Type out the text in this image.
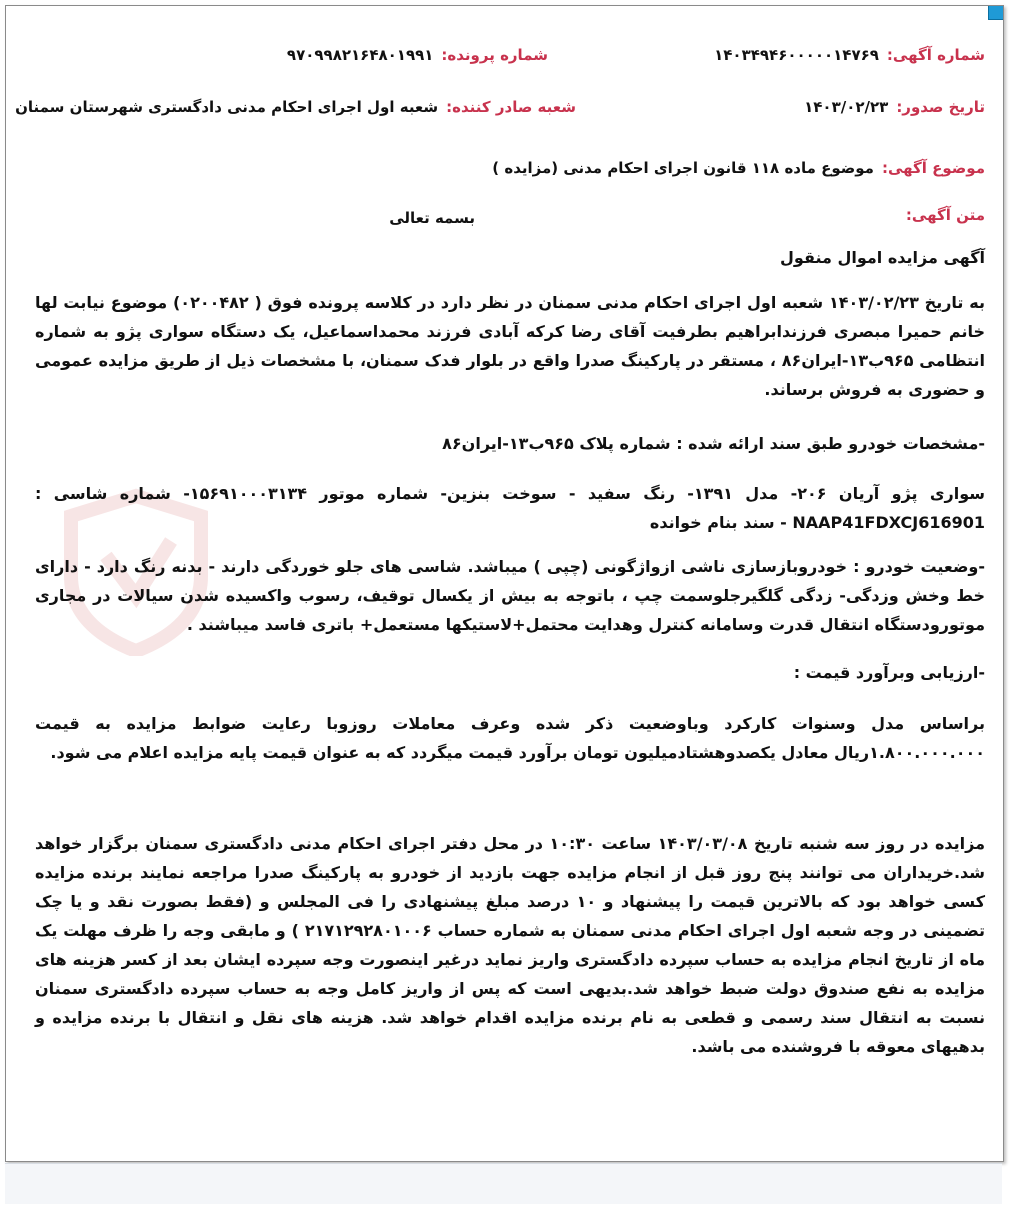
شماره آگهی:۱۴۰۳۴۹۴۶۰۰۰۰۰۱۴۷۶۹
شماره پرونده:۹۷۰۹۹۸۲۱۶۴۸۰۱۹۹۱
تاریخ صدور:۱۴۰۳/۰۲/۲۳
شعبه صادر کننده:شعبه اول اجرای احکام مدنی دادگستری شهرستان سمنان
موضوع آگهی:موضوع ماده ۱۱۸ قانون اجرای احکام مدنی (مزایده )
متن آگهی:
بسمه تعالی
آگهی مزایده اموال منقول
به تاریخ ۱۴۰۳/۰۲/۲۳ شعبه اول اجرای احکام مدنی سمنان در نظر دارد در کلاسه پرونده فوق ( ۰۲۰۰۴۸۲) موضوع نیابت لها خانم حمیرا مبصری فرزندابراهیم بطرفیت آقای رضا کرکه آبادی فرزند محمداسماعیل، یک دستگاه سواری پژو به شماره انتظامی ۹۶۵ب۱۳-ایران۸۶ ، مستقر در پارکینگ صدرا واقع در بلوار فدک سمنان، با مشخصات ذیل از طریق مزایده عمومی و حضوری به فروش برساند.
-مشخصات خودرو طبق سند ارائه شده : شماره پلاک ۹۶۵ب۱۳-ایران۸۶
سواری پژو آریان ۲۰۶- مدل ۱۳۹۱- رنگ سفید - سوخت بنزین- شماره موتور ۱۵۶۹۱۰۰۰۳۱۳۴- شماره شاسی : NAAP41FDXCJ616901 - سند بنام خوانده
-وضعیت خودرو : خودروبازسازی ناشی ازواژگونی (چپی ) میباشد. شاسی های جلو خوردگی دارند - بدنه رنگ دارد - دارای خط وخش وزدگی- زدگی گلگیرجلوسمت چپ ، باتوجه به بیش از یکسال توقیف، رسوب واکسیده شدن سیالات در مجاری موتورودستگاه انتقال قدرت وسامانه کنترل وهدایت محتمل+لاستیکها مستعمل+ باتری فاسد میباشند .
-ارزیابی وبرآورد قیمت :
براساس مدل وسنوات کارکرد وباوضعیت ذکر شده وعرف معاملات روزوبا رعایت ضوابط مزایده به قیمت ۱.۸۰۰.۰۰۰.۰۰۰ریال معادل یکصدوهشتادمیلیون تومان برآورد قیمت میگردد که به عنوان قیمت پایه مزایده اعلام می شود.
مزایده در روز سه شنبه تاریخ ۱۴۰۳/۰۳/۰۸ ساعت ۱۰:۳۰ در محل دفتر اجرای احکام مدنی دادگستری سمنان برگزار خواهد شد.خریداران می توانند پنج روز قبل از انجام مزایده جهت بازدید از خودرو به پارکینگ صدرا مراجعه نمایند برنده مزایده کسی خواهد بود که بالاترین قیمت را پیشنهاد و ۱۰ درصد مبلغ پیشنهادی را فی المجلس و (فقط بصورت نقد و یا چک تضمینی در وجه شعبه اول اجرای احکام مدنی سمنان به شماره حساب ۲۱۷۱۲۹۲۸۰۱۰۰۶ ) و مابقی وجه را ظرف مهلت یک ماه از تاریخ انجام مزایده به حساب سپرده دادگستری واریز نماید درغیر اینصورت وجه سپرده ایشان بعد از کسر هزینه های مزایده به نفع صندوق دولت ضبط خواهد شد.بدیهی است که پس از واریز کامل وجه به حساب سپرده دادگستری سمنان نسبت به انتقال سند رسمی و قطعی به نام برنده مزایده اقدام خواهد شد. هزینه های نقل و انتقال با برنده مزایده و بدهیهای معوقه با فروشنده می باشد.
